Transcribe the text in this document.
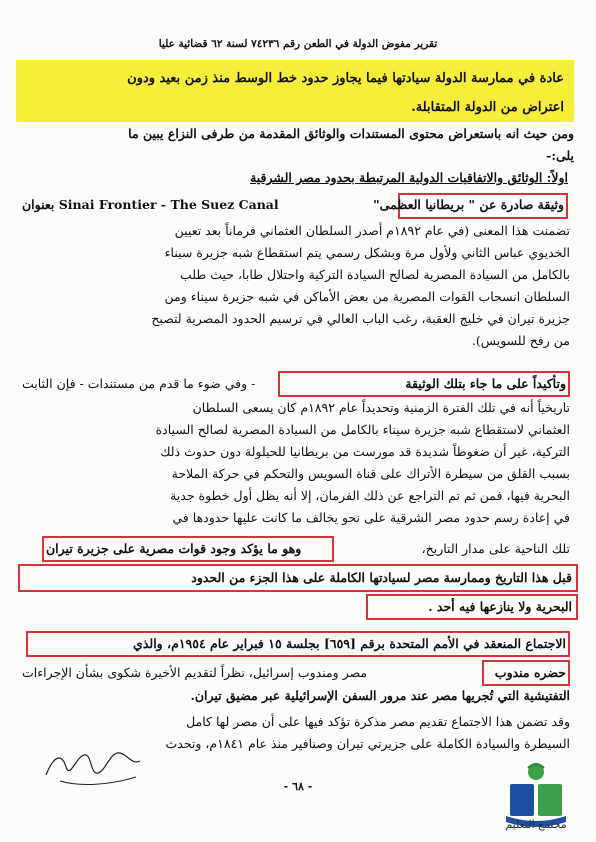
تقرير مفوض الدولة في الطعن رقم ٧٤٢٣٦ لسنة ٦٢ قضائية عليا
عادة في ممارسة الدولة سيادتها فيما يجاوز حدود خط الوسط منذ زمن بعيد ودون
اعتراض من الدولة المتقابلة.
ومن حيث انه باستعراض محتوى المستندات والوثائق المقدمة من طرفى النزاع يبين ما
يلى:-
اولاً: الوثائق والاتفاقيات الدولية المرتبطة بحدود مصر الشرقية
وثيقة صادرة عن " بريطانيا العظمى"
بعنوان Sinai Frontier - The Suez Canal
تضمنت هذا المعنى (في عام ١٨٩٢م أصدر السلطان العثماني فرماناً بعد تعيين
الخديوي عباس الثاني ولأول مرة وبشكل رسمي يتم استقطاع شبه جزيرة سيناء
بالكامل من السيادة المصرية لصالح السيادة التركية واحتلال طابا، حيث طلب
السلطان انسحاب القوات المصرية من بعض الأماكن في شبه جزيرة سيناء ومن
جزيرة تيران في خليج العقبة، رغب الباب العالي في ترسيم الحدود المصرية لتصبح
من رفح للسويس).
وتأكيداً على ما جاء بتلك الوثيقة
- وفي ضوء ما قدم من مستندات - فإن الثابت
تاريخياً أنه في تلك الفترة الزمنية وتحديداً عام ١٨٩٢م كان يسعى السلطان
العثماني لاستقطاع شبه جزيرة سيناء بالكامل من السيادة المصرية لصالح السيادة
التركية، غير أن ضغوطاً شديدة قد مورست من بريطانيا للحيلولة دون حدوث ذلك
بسبب القلق من سيطرة الأتراك على قناة السويس والتحكم في حركة الملاحة
البحرية فيها، فمن ثم تم التراجع عن ذلك الفرمان، إلا أنه يظل أول خطوة جدية
في إعادة رسم حدود مصر الشرقية على نحو يخالف ما كانت عليها حدودها في
تلك الناحية على مدار التاريخ،
وهو ما يؤكد وجود قوات مصرية على جزيرة تيران
قبل هذا التاريخ وممارسة مصر لسيادتها الكاملة على هذا الجزء من الحدود
البحرية ولا ينازعها فيه أحد .
الاجتماع المنعقد في الأمم المتحدة برقم [٦٥٩] بجلسة ١٥ فبراير عام ١٩٥٤م، والذي
حضره مندوب
مصر ومندوب إسرائيل، نظراً لتقديم الأخيرة شكوى بشأن الإجراءات
التفتيشية التي تُجريها مصر عند مرور السفن الإسرائيلية عبر مضيق تيران.
وقد تضمن هذا الاجتماع تقديم مصر مذكرة تؤكد فيها على أن مصر لها كامل
السيطرة والسيادة الكاملة على جزيرتي تيران وصنافير منذ عام ١٨٤١م، وتحدث
- ٦٨ -
مجتمع التعليم
